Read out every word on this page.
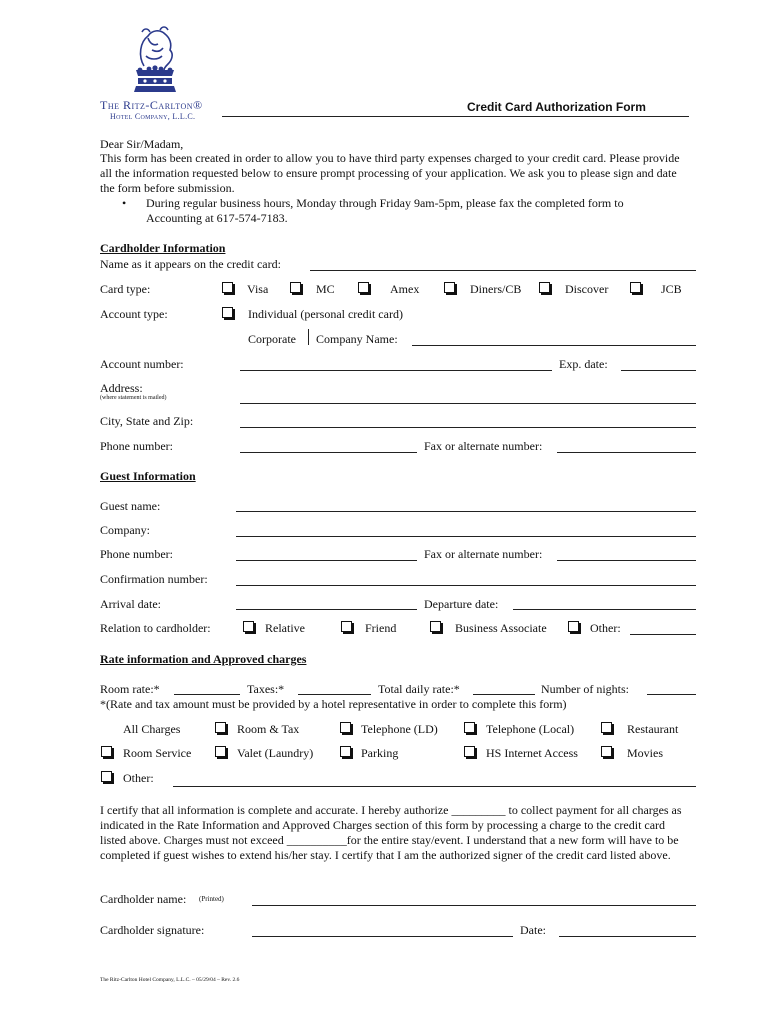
The Ritz-Carlton®
Hotel Company, L.L.C.
Credit Card Authorization Form
Dear Sir/Madam,
This form has been created in order to allow you to have third party expenses charged to your credit card. Please provide all the information requested below to ensure prompt processing of your application. We ask you to please sign and date the form before submission.
• During regular business hours, Monday through Friday 9am-5pm, please fax the completed form to Accounting at 617-574-7183.
Cardholder Information
Name as it appears on the credit card:
Card type:	Visa	MC	Amex	Diners/CB	Discover	JCB
Account type:	Individual (personal credit card)
Corporate Company Name:
Account number:	Exp. date:
Address:
(where statement is mailed)
City, State and Zip:
Phone number:	Fax or alternate number:
Guest Information
Guest name:
Company:
Phone number:	Fax or alternate number:
Confirmation number:
Arrival date:	Departure date:
Relation to cardholder:	Relative	Friend	Business Associate	Other:
Rate information and Approved charges
Room rate:*	Taxes:*	Total daily rate:*	Number of nights:
*(Rate and tax amount must be provided by a hotel representative in order to complete this form)
All Charges	Room & Tax	Telephone (LD)	Telephone (Local)	Restaurant
Room Service	Valet (Laundry)	Parking	HS Internet Access	Movies
Other:
I certify that all information is complete and accurate. I hereby authorize _________ to collect payment for all charges as indicated in the Rate Information and Approved Charges section of this form by processing a charge to the credit card listed above. Charges must not exceed __________for the entire stay/event. I understand that a new form will have to be completed if guest wishes to extend his/her stay. I certify that I am the authorized signer of the credit card listed above.
Cardholder name: (Printed)
Cardholder signature:	Date:
The Ritz-Carlton Hotel Company, L.L.C. – 05/29/04 – Rev. 2.6
